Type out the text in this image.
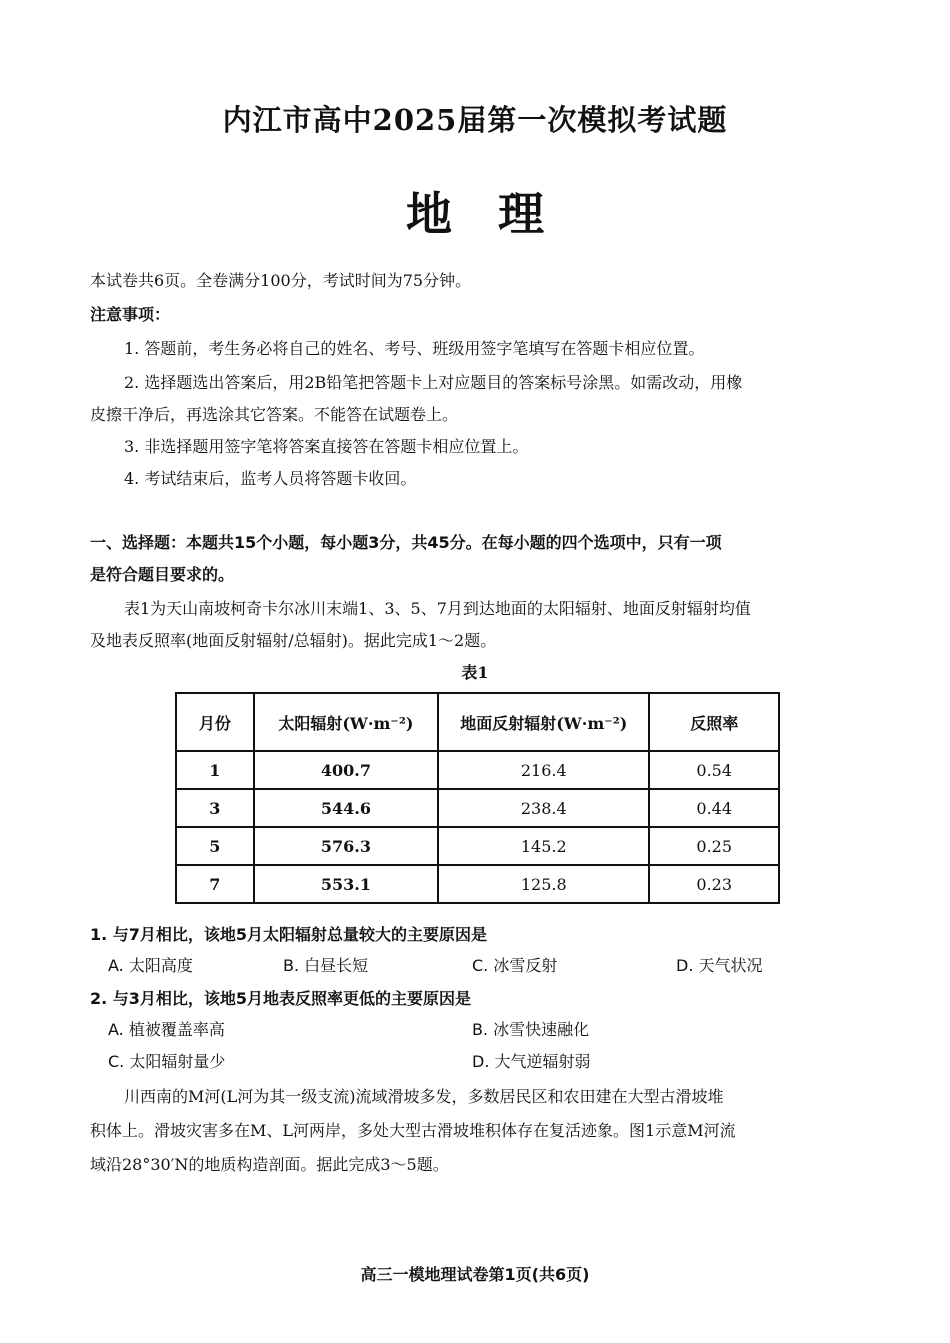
内江市高中2025届第一次模拟考试题
地理
本试卷共6页。全卷满分100分，考试时间为75分钟。
注意事项：
1. 答题前，考生务必将自己的姓名、考号、班级用签字笔填写在答题卡相应位置。
2. 选择题选出答案后，用2B铅笔把答题卡上对应题目的答案标号涂黑。如需改动，用橡
皮擦干净后，再选涂其它答案。不能答在试题卷上。
3. 非选择题用签字笔将答案直接答在答题卡相应位置上。
4. 考试结束后，监考人员将答题卡收回。
一、选择题：本题共15个小题，每小题3分，共45分。在每小题的四个选项中，只有一项
是符合题目要求的。
表1为天山南坡柯奇卡尔冰川末端1、3、5、7月到达地面的太阳辐射、地面反射辐射均值
及地表反照率(地面反射辐射/总辐射)。据此完成1～2题。
表1
月份	太阳辐射(W·m⁻²)	地面反射辐射(W·m⁻²)	反照率
1	400.7	216.4	0.54
3	544.6	238.4	0.44
5	576.3	145.2	0.25
7	553.1	125.8	0.23
1. 与7月相比，该地5月太阳辐射总量较大的主要原因是
A. 太阳高度	B. 白昼长短	C. 冰雪反射	D. 天气状况
2. 与3月相比，该地5月地表反照率更低的主要原因是
A. 植被覆盖率高	B. 冰雪快速融化
C. 太阳辐射量少	D. 大气逆辐射弱
川西南的M河(L河为其一级支流)流域滑坡多发，多数居民区和农田建在大型古滑坡堆
积体上。滑坡灾害多在M、L河两岸，多处大型古滑坡堆积体存在复活迹象。图1示意M河流
域沿28°30′N的地质构造剖面。据此完成3～5题。
高三一模地理试卷第1页(共6页)
